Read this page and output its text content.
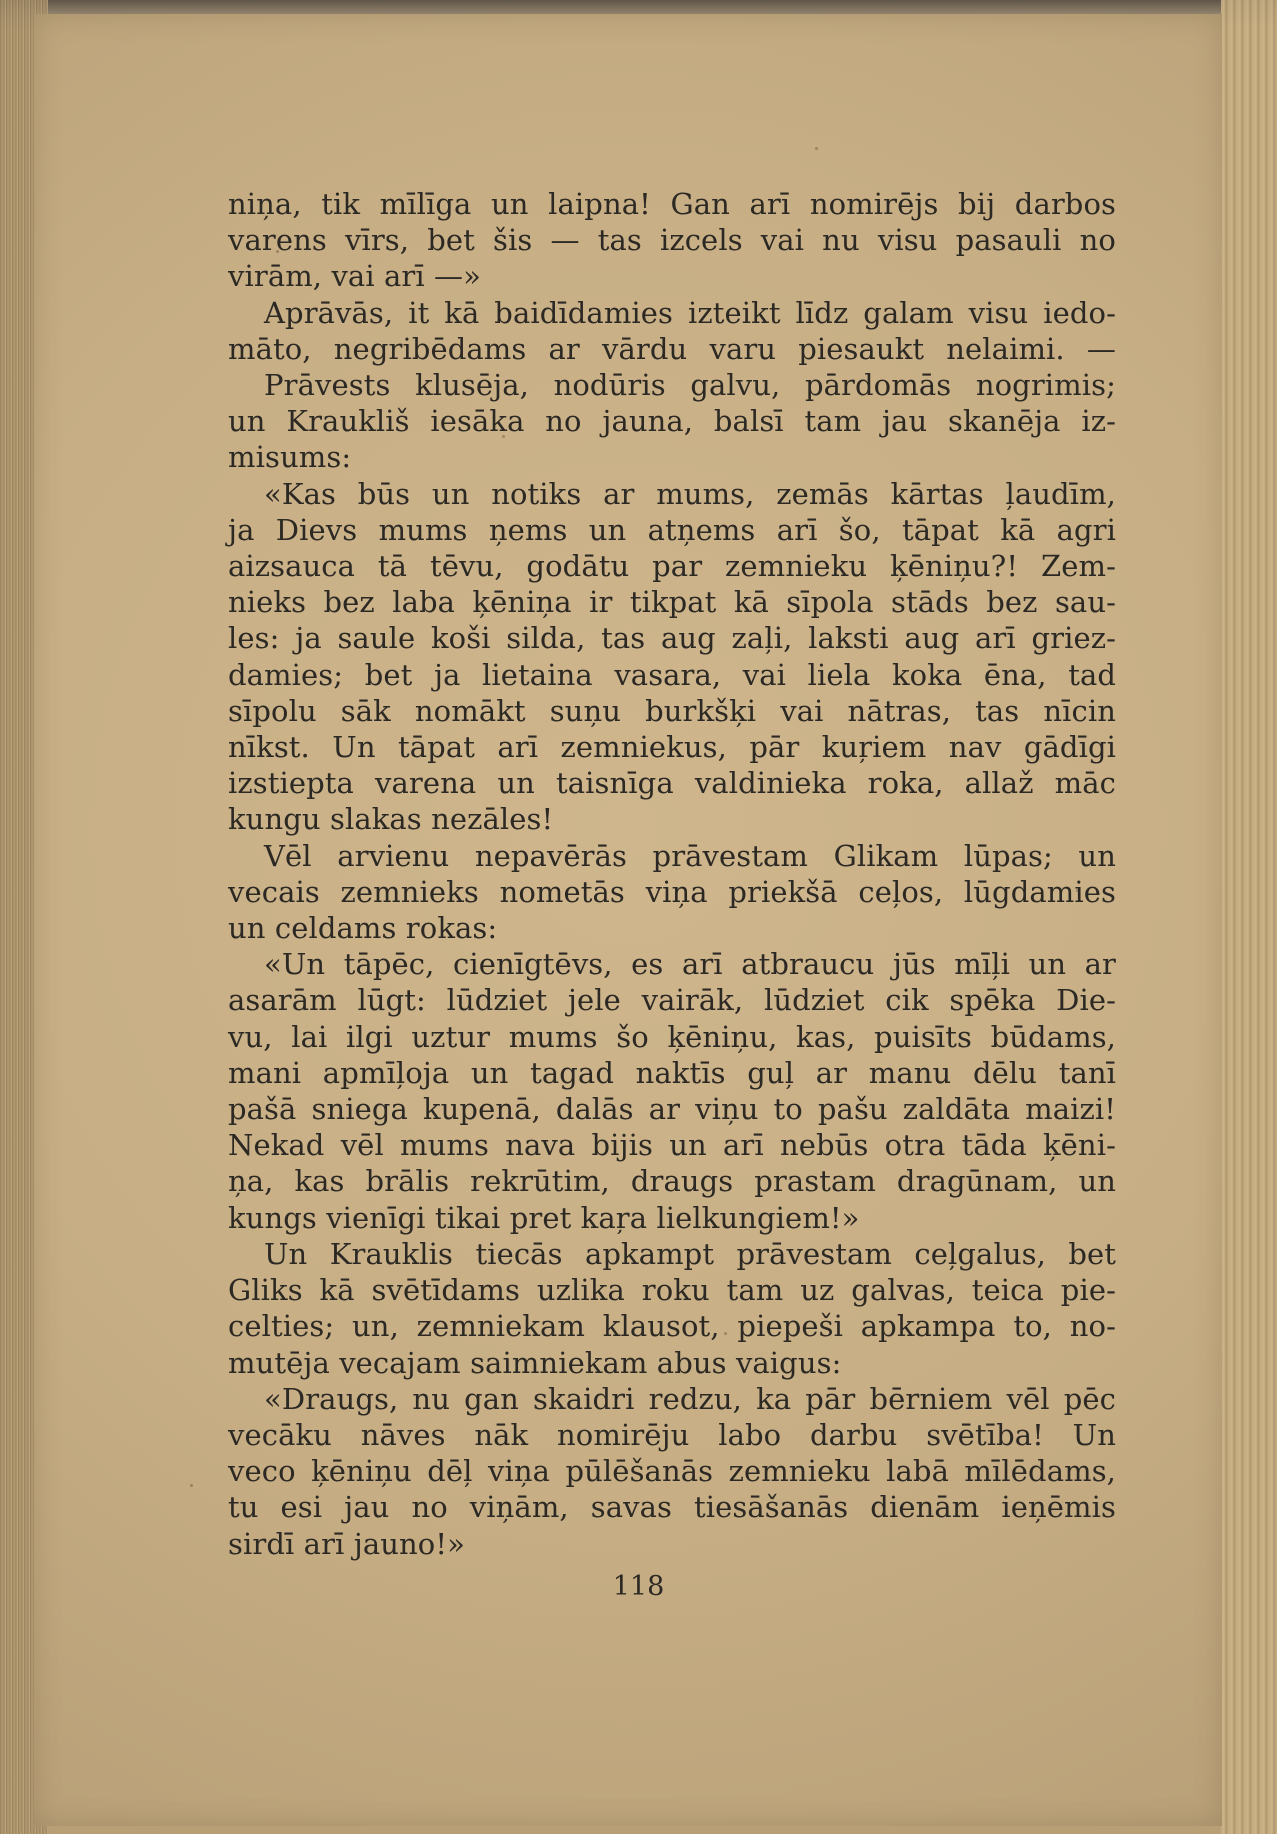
niņa, tik mīlīga un laipna! Gan arī nomirējs bij darbos
varens vīrs, bet šis — tas izcels vai nu visu pasauli no
virām, vai arī —»
Aprāvās, it kā baidīdamies izteikt līdz galam visu iedo-
māto, negribēdams ar vārdu varu piesaukt nelaimi. —
Prāvests klusēja, nodūris galvu, pārdomās nogrimis;
un Kraukliš iesāka no jauna, balsī tam jau skanēja iz-
misums:
«Kas būs un notiks ar mums, zemās kārtas ļaudīm,
ja Dievs mums ņems un atņems arī šo, tāpat kā agri
aizsauca tā tēvu, godātu par zemnieku ķēniņu?! Zem-
nieks bez laba ķēniņa ir tikpat kā sīpola stāds bez sau-
les: ja saule koši silda, tas aug zaļi, laksti aug arī griez-
damies; bet ja lietaina vasara, vai liela koka ēna, tad
sīpolu sāk nomākt suņu burkšķi vai nātras, tas nīcin
nīkst. Un tāpat arī zemniekus, pār kuŗiem nav gādīgi
izstiepta varena un taisnīga valdinieka roka, allaž māc
kungu slakas nezāles!
Vēl arvienu nepavērās prāvestam Glikam lūpas; un
vecais zemnieks nometās viņa priekšā ceļos, lūgdamies
un celdams rokas:
«Un tāpēc, cienīgtēvs, es arī atbraucu jūs mīļi un ar
asarām lūgt: lūdziet jele vairāk, lūdziet cik spēka Die-
vu, lai ilgi uztur mums šo ķēniņu, kas, puisīts būdams,
mani apmīļoja un tagad naktīs guļ ar manu dēlu tanī
pašā sniega kupenā, dalās ar viņu to pašu zaldāta maizi!
Nekad vēl mums nava bijis un arī nebūs otra tāda ķēni-
ņa, kas brālis rekrūtim, draugs prastam dragūnam, un
kungs vienīgi tikai pret kaŗa lielkungiem!»
Un Krauklis tiecās apkampt prāvestam ceļgalus, bet
Gliks kā svētīdams uzlika roku tam uz galvas, teica pie-
celties; un, zemniekam klausot, piepeši apkampa to, no-
mutēja vecajam saimniekam abus vaigus:
«Draugs, nu gan skaidri redzu, ka pār bērniem vēl pēc
vecāku nāves nāk nomirēju labo darbu svētība! Un
veco ķēniņu dēļ viņa pūlēšanās zemnieku labā mīlēdams,
tu esi jau no viņām, savas tiesāšanās dienām ieņēmis
sirdī arī jauno!»
118
